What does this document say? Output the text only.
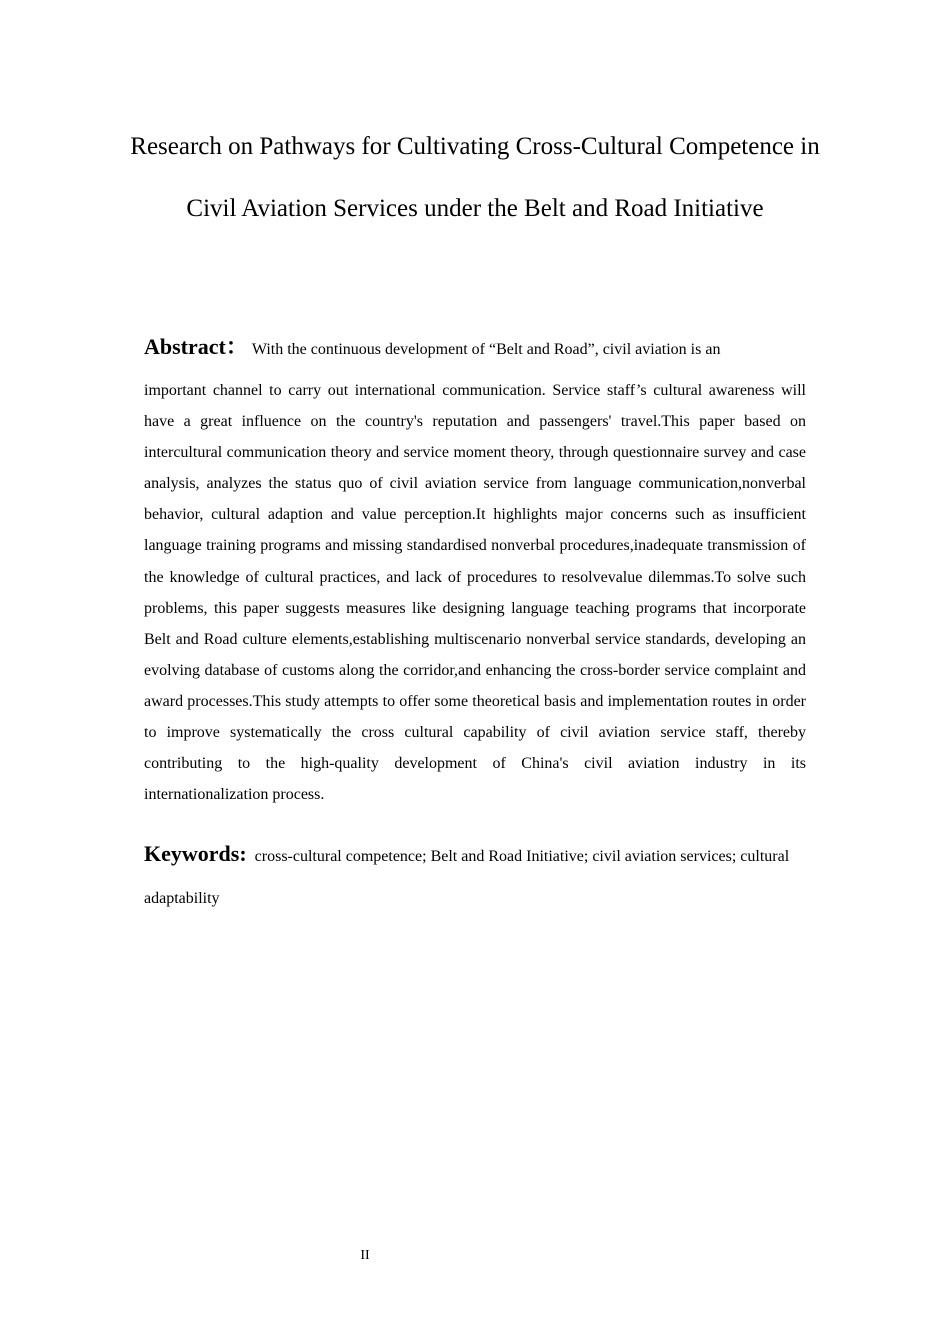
Research on Pathways for Cultivating Cross-Cultural Competence in Civil Aviation Services under the Belt and Road Initiative
Abstract： With the continuous development of “Belt and Road”, civil aviation is an
important channel to carry out international communication. Service staff’s cultural awareness will have a great influence on the country's reputation and passengers' travel.This paper based on intercultural communication theory and service moment theory, through questionnaire survey and case analysis, analyzes the status quo of civil aviation service from language communication,nonverbal behavior, cultural adaption and value perception.It highlights major concerns such as insufficient language training programs and missing standardised nonverbal procedures,inadequate transmission of the knowledge of cultural practices, and lack of procedures to resolvevalue dilemmas.To solve such problems, this paper suggests measures like designing language teaching programs that incorporate Belt and Road culture elements,establishing multiscenario nonverbal service standards, developing an evolving database of customs along the corridor,and enhancing the cross-border service complaint and award processes.This study attempts to offer some theoretical basis and implementation routes in order to improve systematically the cross cultural capability of civil aviation service staff, thereby contributing to the high-quality development of China's civil aviation industry in its internationalization process.
Keywords: cross-cultural competence; Belt and Road Initiative; civil aviation services; cultural adaptability
II
